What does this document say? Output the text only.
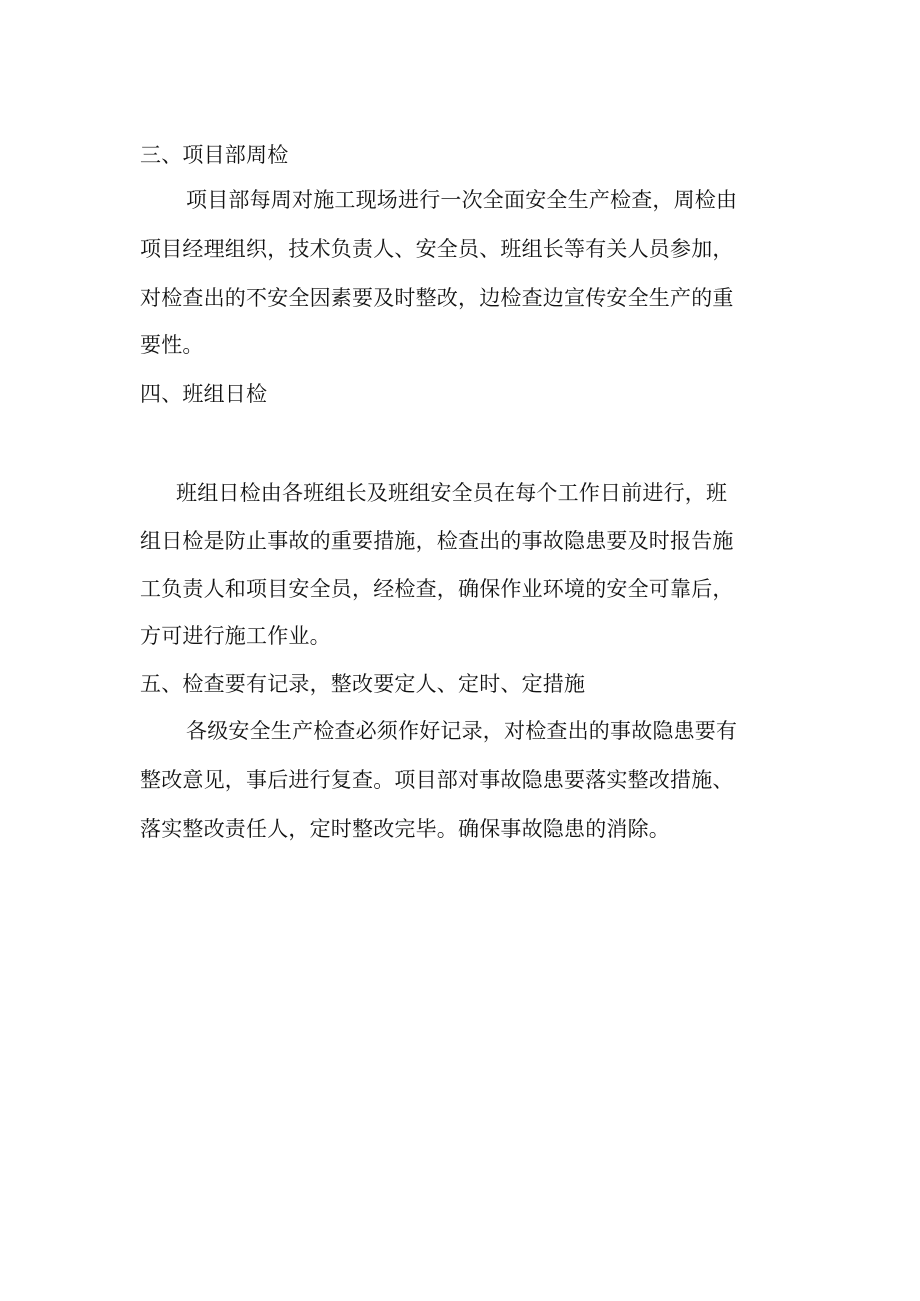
三、项目部周检
项目部每周对施工现场进行一次全面安全生产检查，周检由
项目经理组织，技术负责人、安全员、班组长等有关人员参加，
对检查出的不安全因素要及时整改，边检查边宣传安全生产的重
要性。
四、班组日检
班组日检由各班组长及班组安全员在每个工作日前进行，班
组日检是防止事故的重要措施，检查出的事故隐患要及时报告施
工负责人和项目安全员，经检查，确保作业环境的安全可靠后，
方可进行施工作业。
五、检查要有记录，整改要定人、定时、定措施
各级安全生产检查必须作好记录，对检查出的事故隐患要有
整改意见，事后进行复查。项目部对事故隐患要落实整改措施、
落实整改责任人，定时整改完毕。确保事故隐患的消除。
